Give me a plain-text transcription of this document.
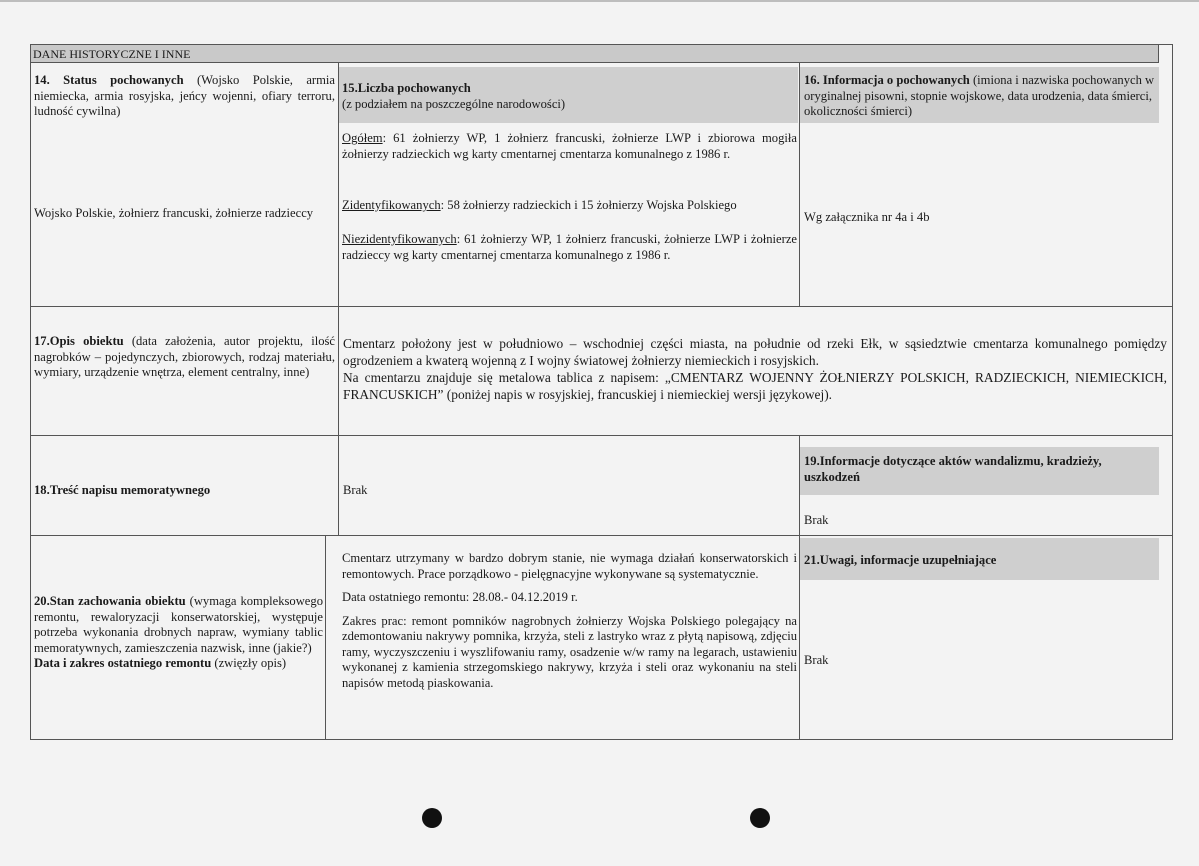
DANE HISTORYCZNE I INNE
14. Status pochowanych (Wojsko Polskie, armia niemiecka, armia rosyjska, jeńcy wojenni, ofiary terroru, ludność cywilna)
Wojsko Polskie, żołnierz francuski, żołnierze radzieccy
15.Liczba pochowanych
(z podziałem na poszczególne narodowości)
Ogółem: 61 żołnierzy WP, 1 żołnierz francuski, żołnierze LWP i zbiorowa mogiła żołnierzy radzieckich wg karty cmentarnej cmentarza komunalnego z 1986 r.
Zidentyfikowanych: 58 żołnierzy radzieckich i 15 żołnierzy Wojska Polskiego
Niezidentyfikowanych: 61 żołnierzy WP, 1 żołnierz francuski, żołnierze LWP i żołnierze radzieccy wg karty cmentarnej cmentarza komunalnego z 1986 r.
16. Informacja o pochowanych (imiona i nazwiska pochowanych w oryginalnej pisowni, stopnie wojskowe, data urodzenia, data śmierci, okoliczności śmierci)
Wg załącznika nr 4a i 4b
17.Opis obiektu (data założenia, autor projektu, ilość nagrobków – pojedynczych, zbiorowych, rodzaj materiału, wymiary, urządzenie wnętrza, element centralny, inne)
Cmentarz położony jest w południowo – wschodniej części miasta, na południe od rzeki Ełk, w sąsiedztwie cmentarza komunalnego pomiędzy ogrodzeniem a kwaterą wojenną z I wojny światowej żołnierzy niemieckich i rosyjskich.
Na cmentarzu znajduje się metalowa tablica z napisem: „CMENTARZ WOJENNY ŻOŁNIERZY POLSKICH, RADZIECKICH, NIEMIECKICH, FRANCUSKICH” (poniżej napis w rosyjskiej, francuskiej i niemieckiej wersji językowej).
18.Treść napisu memoratywnego	Brak
19.Informacje dotyczące aktów wandalizmu, kradzieży, uszkodzeń
Brak
20.Stan zachowania obiektu (wymaga kompleksowego remontu, rewaloryzacji konserwatorskiej, występuje potrzeba wykonania drobnych napraw, wymiany tablic memoratywnych, zamieszczenia nazwisk, inne (jakie?)
Data i zakres ostatniego remontu (zwięzły opis)
Cmentarz utrzymany w bardzo dobrym stanie, nie wymaga działań konserwatorskich i remontowych. Prace porządkowo - pielęgnacyjne wykonywane są systematycznie.
Data ostatniego remontu: 28.08.- 04.12.2019 r.
Zakres prac: remont pomników nagrobnych żołnierzy Wojska Polskiego polegający na zdemontowaniu nakrywy pomnika, krzyża, steli z lastryko wraz z płytą napisową, zdjęciu ramy, wyczyszczeniu i wyszlifowaniu ramy, osadzenie w/w ramy na legarach, ustawieniu wykonanej z kamienia strzegomskiego nakrywy, krzyża i steli oraz wykonaniu na steli napisów metodą piaskowania.
21.Uwagi, informacje uzupełniające
Brak
